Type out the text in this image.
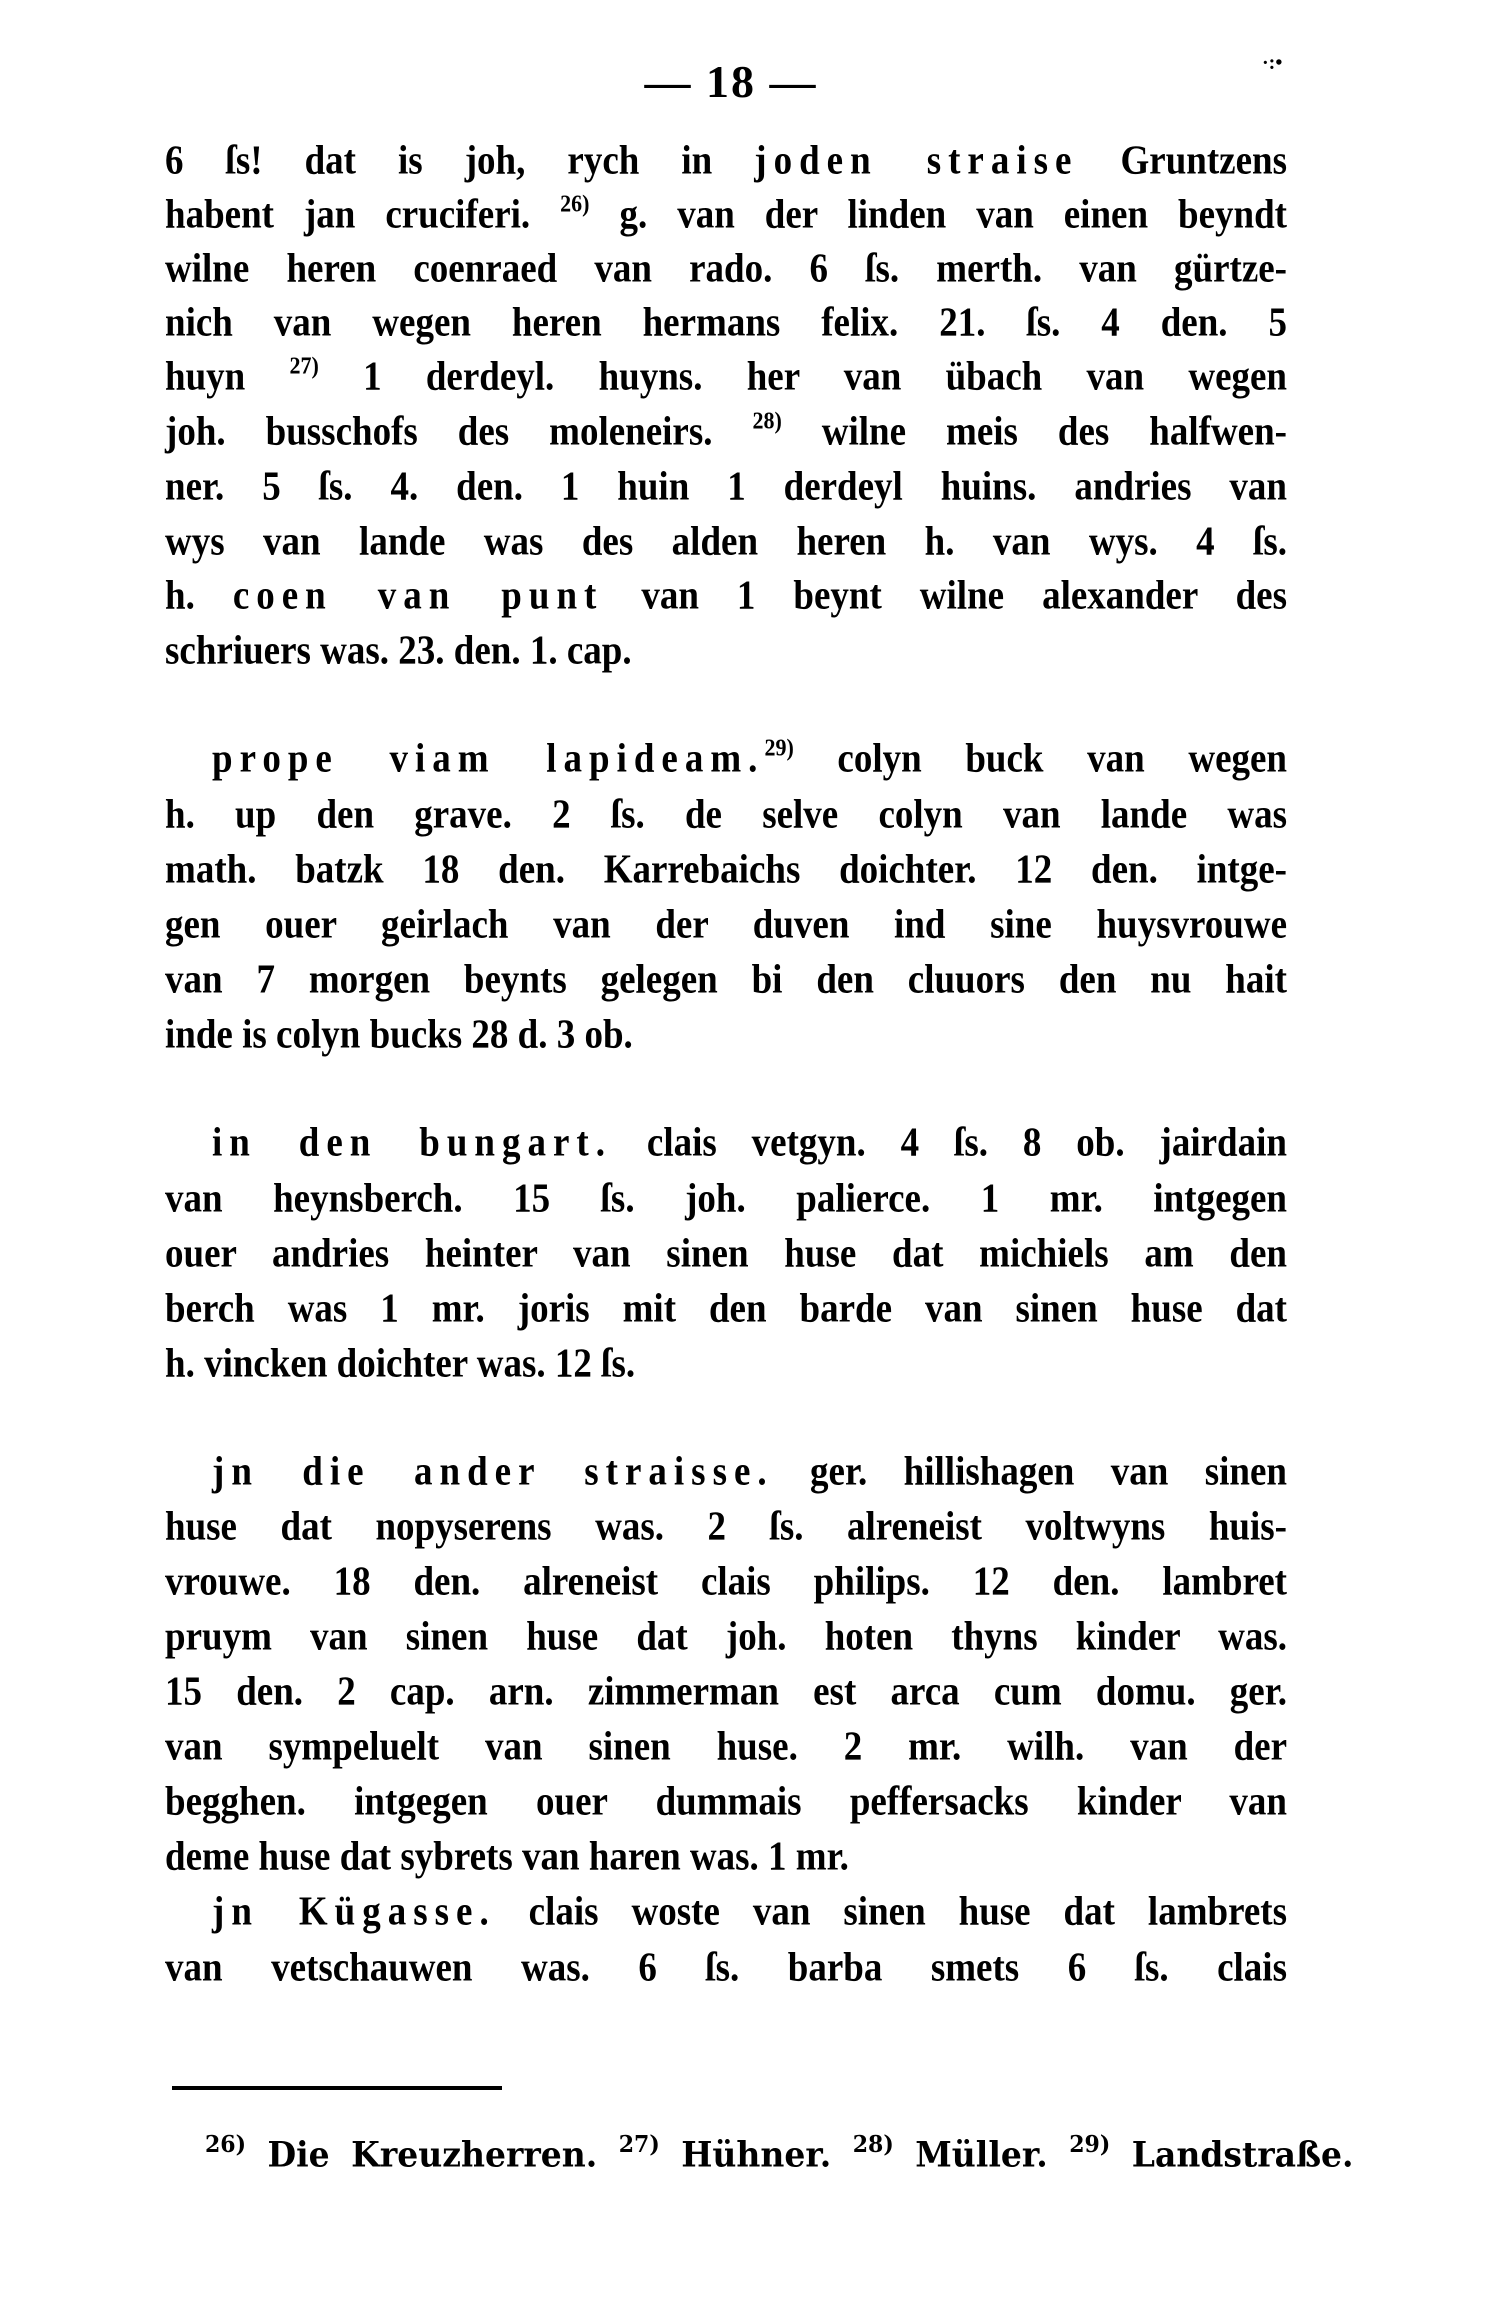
— 18 —	·:•
6 ſs! dat is joh, rych in joden straise Gruntzens
habent jan cruciferi. $^{26)}$ g. van der linden van einen beyndt
wilne heren coenraed van rado. 6 ſs. merth. van gürtze-
nich van wegen heren hermans felix. 21. ſs. 4 den. 5
huyn $^{27)}$ 1 derdeyl. huyns. her van übach van wegen
joh. busschofs des moleneirs. $^{28)}$ wilne meis des halfwen-
ner. 5 ſs. 4. den. 1 huin 1 derdeyl huins. andries van
wys van lande was des alden heren h. van wys. 4 ſs.
h. coen van punt van 1 beynt wilne alexander des
schriuers was. 23. den. 1. cap.
prope viam lapideam.$^{29)}$ colyn buck van wegen
h. up den grave. 2 ſs. de selve colyn van lande was
math. batzk 18 den. Karrebaichs doichter. 12 den. intge-
gen ouer geirlach van der duven ind sine huysvrouwe
van 7 morgen beynts gelegen bi den cluuors den nu hait
inde is colyn bucks 28 d. 3 ob.
in den bungart. clais vetgyn. 4 ſs. 8 ob. jairdain
van heynsberch. 15 ſs. joh. palierce. 1 mr. intgegen
ouer andries heinter van sinen huse dat michiels am den
berch was 1 mr. joris mit den barde van sinen huse dat
h. vincken doichter was. 12 ſs.
jn die ander straisse. ger. hillishagen van sinen
huse dat nopyserens was. 2 ſs. alreneist voltwyns huis-
vrouwe. 18 den. alreneist clais philips. 12 den. lambret
pruym van sinen huse dat joh. hoten thyns kinder was.
15 den. 2 cap. arn. zimmerman est arca cum domu. ger.
van sympeluelt van sinen huse. 2 mr. wilh. van der
begghen. intgegen ouer dummais peffersacks kinder van
deme huse dat sybrets van haren was. 1 mr.
jn Kügasse. clais woste van sinen huse dat lambrets
van vetschauwen was. 6 ſs. barba smets 6 ſs. clais
$^{26)}$ Die Kreuzherren. $^{27)}$ Hühner. $^{28)}$ Müller. $^{29)}$ Landstraße.
